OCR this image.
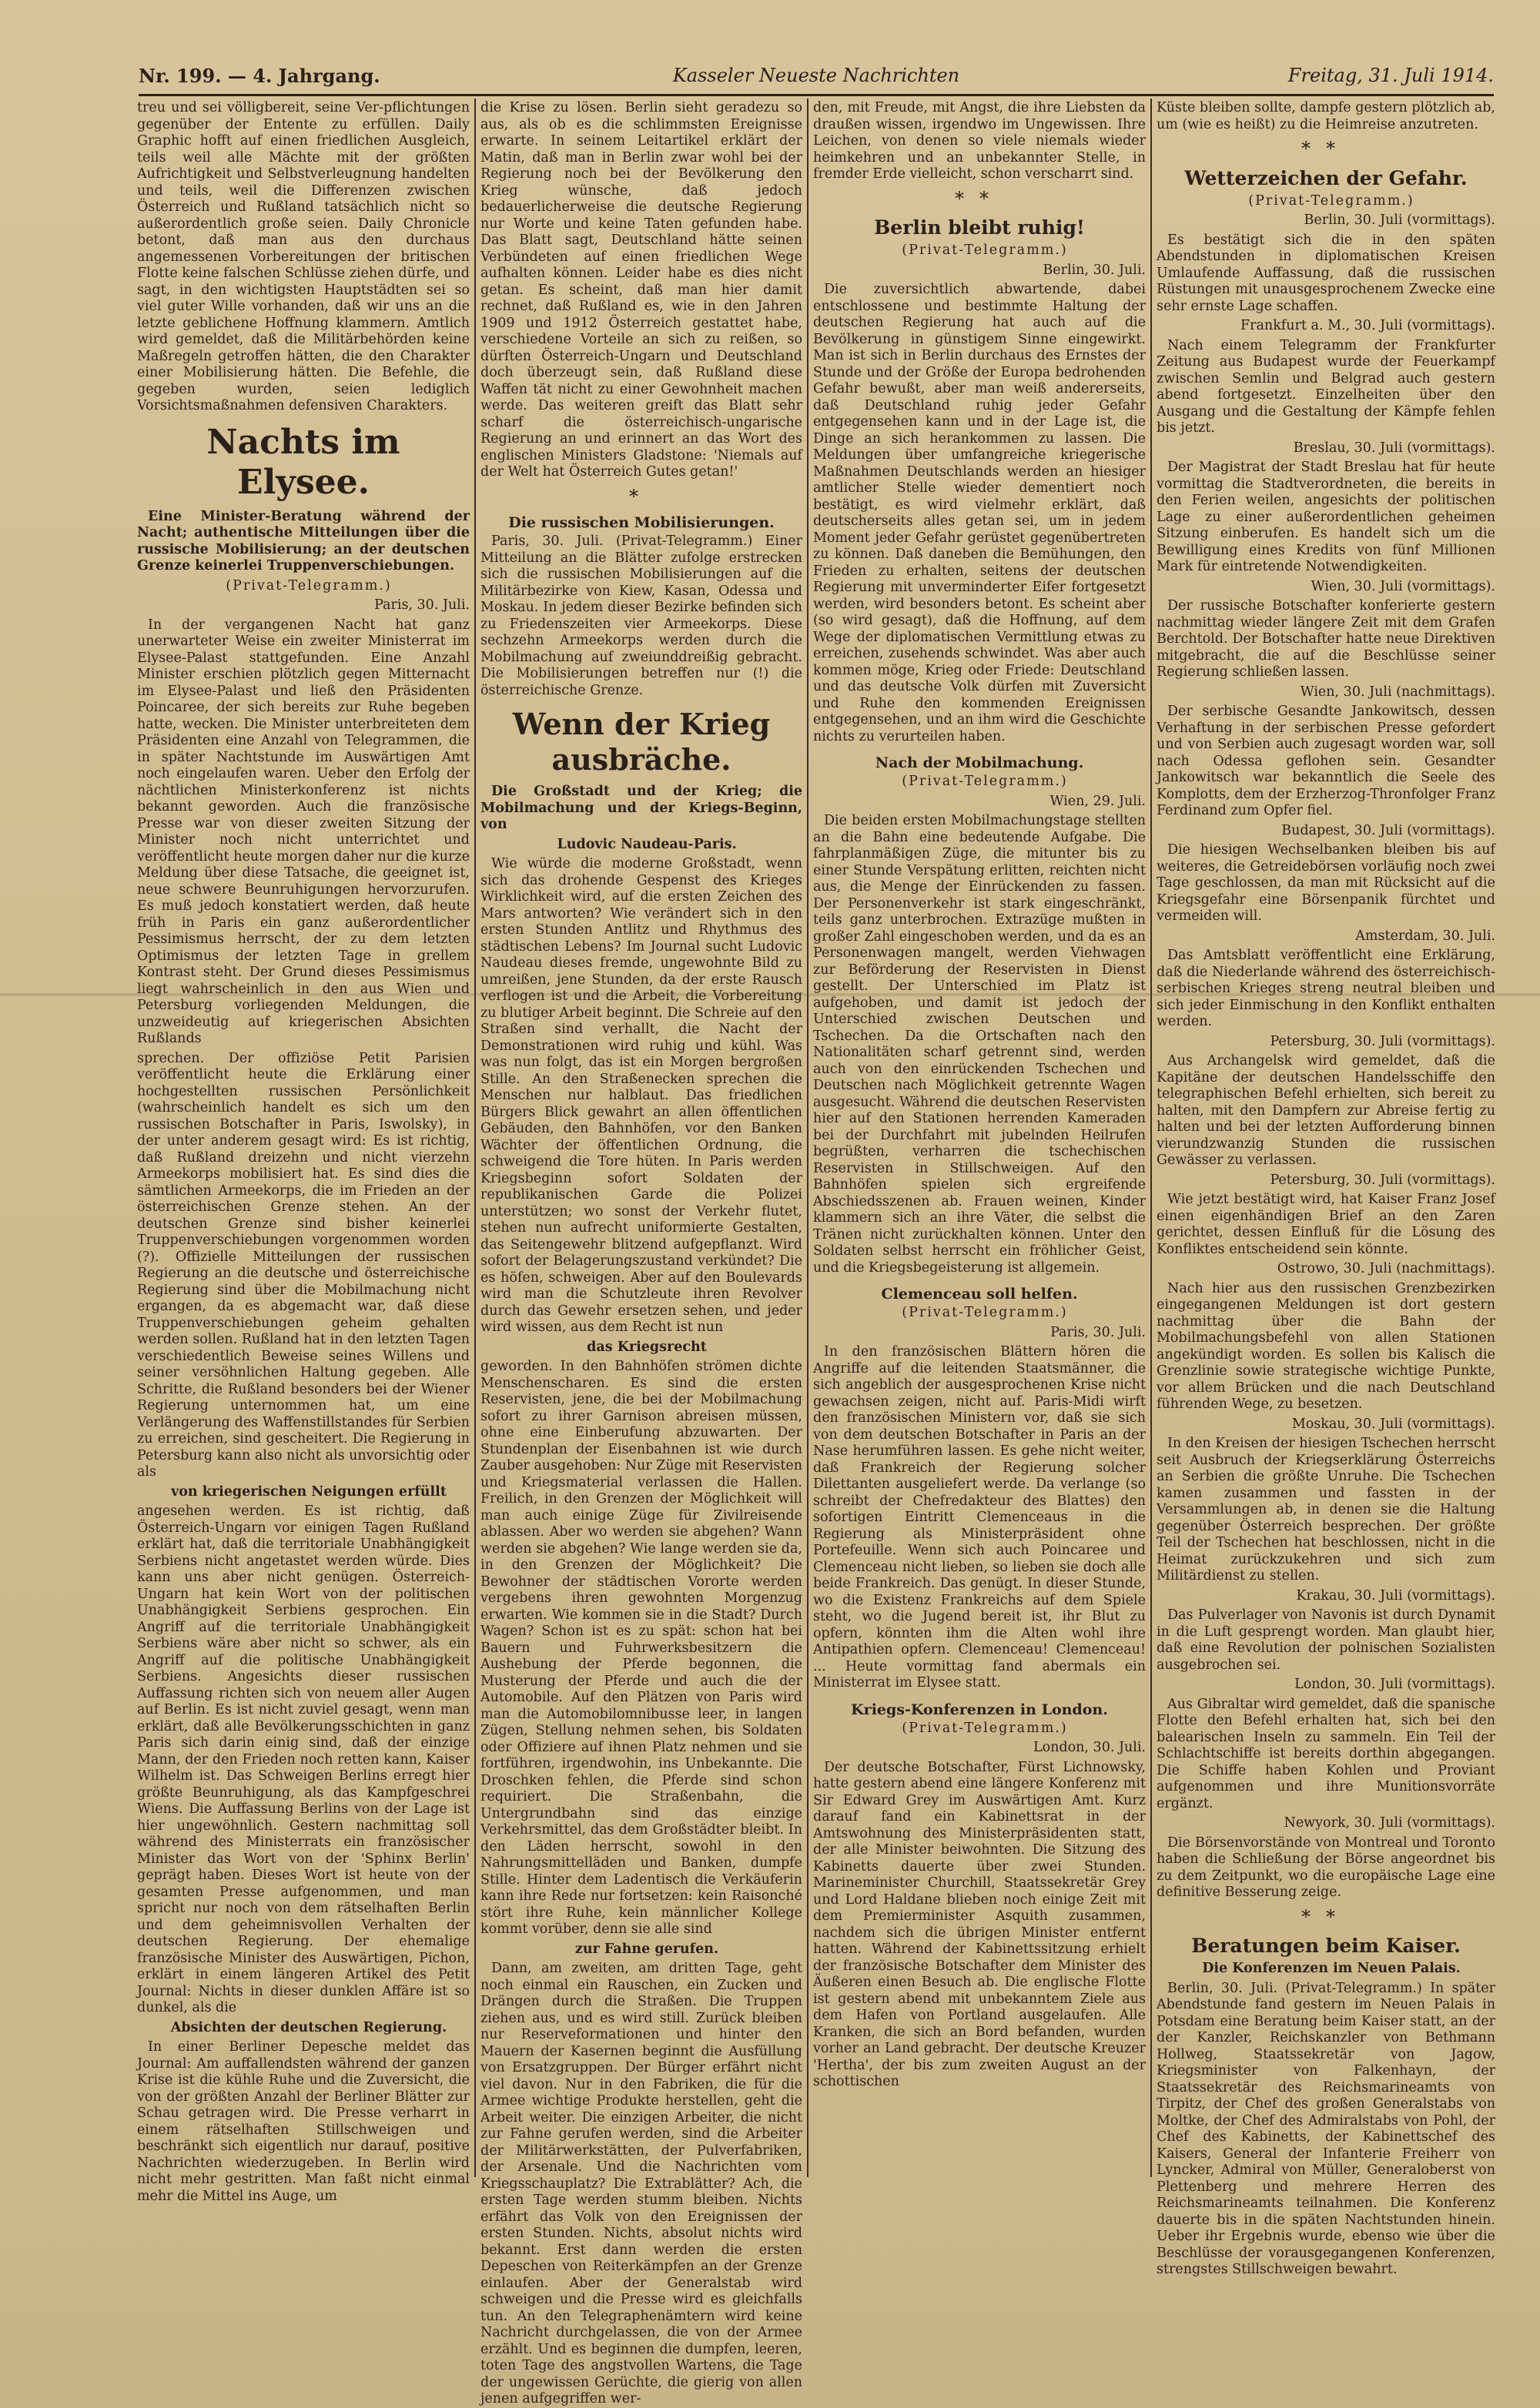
Nr. 199. — 4. Jahrgang.	Kasseler Neueste Nachrichten	Freitag, 31. Juli 1914.

treu und sei völligbereit, seine Ver-pflichtungen gegenüber der Entente zu erfüllen. Daily Graphic hofft auf einen friedlichen Ausgleich, teils weil alle Mächte mit der größten Aufrichtigkeit und Selbstverleugnung handelten und teils, weil die Differenzen zwischen Österreich und Rußland tatsächlich nicht so außerordentlich große seien. Daily Chronicle betont, daß man aus den durchaus angemessenen Vorbereitungen der britischen Flotte keine falschen Schlüsse ziehen dürfe, und sagt, in den wichtigsten Hauptstädten sei so viel guter Wille vorhanden, daß wir uns an die letzte geblichene Hoffnung klammern. Amtlich wird gemeldet, daß die Militärbehörden keine Maßregeln getroffen hätten, die den Charakter einer Mobilisierung hätten. Die Befehle, die gegeben wurden, seien lediglich Vorsichtsmaßnahmen defensiven Charakters.

Nachts im Elysee.

Eine Minister-Beratung während der Nacht; authentische Mitteilungen über die russische Mobilisierung; an der deutschen Grenze keinerlei Truppenverschiebungen.

(Privat-Telegramm.)

Paris, 30. Juli.

In der vergangenen Nacht hat ganz unerwarteter Weise ein zweiter Ministerrat im Elysee-Palast stattgefunden. Eine Anzahl Minister erschien plötzlich gegen Mitternacht im Elysee-Palast und ließ den Präsidenten Poincaree, der sich bereits zur Ruhe begeben hatte, wecken. Die Minister unterbreiteten dem Präsidenten eine Anzahl von Telegrammen, die in später Nachtstunde im Auswärtigen Amt noch eingelaufen waren. Ueber den Erfolg der nächtlichen Ministerkonferenz ist nichts bekannt geworden. Auch die französische Presse war von dieser zweiten Sitzung der Minister noch nicht unterrichtet und veröffentlicht heute morgen daher nur die kurze Meldung über diese Tatsache, die geeignet ist, neue schwere Beunruhigungen hervorzurufen. Es muß jedoch konstatiert werden, daß heute früh in Paris ein ganz außerordentlicher Pessimismus herrscht, der zu dem letzten Optimismus der letzten Tage in grellem Kontrast steht. Der Grund dieses Pessimismus liegt wahrscheinlich in den aus Wien und Petersburg vorliegenden Meldungen, die unzweideutig auf kriegerischen Absichten Rußlands

sprechen. Der offiziöse Petit Parisien veröffentlicht heute die Erklärung einer hochgestellten russischen Persönlichkeit (wahrscheinlich handelt es sich um den russischen Botschafter in Paris, Iswolsky), in der unter anderem gesagt wird: Es ist richtig, daß Rußland dreizehn und nicht vierzehn Armeekorps mobilisiert hat. Es sind dies die sämtlichen Armeekorps, die im Frieden an der österreichischen Grenze stehen. An der deutschen Grenze sind bisher keinerlei Truppenverschiebungen vorgenommen worden (?). Offizielle Mitteilungen der russischen Regierung an die deutsche und österreichische Regierung sind über die Mobilmachung nicht ergangen, da es abgemacht war, daß diese Truppenverschiebungen geheim gehalten werden sollen. Rußland hat in den letzten Tagen verschiedentlich Beweise seines Willens und seiner versöhnlichen Haltung gegeben. Alle Schritte, die Rußland besonders bei der Wiener Regierung unternommen hat, um eine Verlängerung des Waffenstillstandes für Serbien zu erreichen, sind gescheitert. Die Regierung in Petersburg kann also nicht als unvorsichtig oder als

von kriegerischen Neigungen erfüllt

angesehen werden. Es ist richtig, daß Österreich-Ungarn vor einigen Tagen Rußland erklärt hat, daß die territoriale Unabhängigkeit Serbiens nicht angetastet werden würde. Dies kann uns aber nicht genügen. Österreich-Ungarn hat kein Wort von der politischen Unabhängigkeit Serbiens gesprochen. Ein Angriff auf die territoriale Unabhängigkeit Serbiens wäre aber nicht so schwer, als ein Angriff auf die politische Unabhängigkeit Serbiens. Angesichts dieser russischen Auffassung richten sich von neuem aller Augen auf Berlin. Es ist nicht zuviel gesagt, wenn man erklärt, daß alle Bevölkerungsschichten in ganz Paris sich darin einig sind, daß der einzige Mann, der den Frieden noch retten kann, Kaiser Wilhelm ist. Das Schweigen Berlins erregt hier größte Beunruhigung, als das Kampfgeschrei Wiens. Die Auffassung Berlins von der Lage ist hier ungewöhnlich. Gestern nachmittag soll während des Ministerrats ein französischer Minister das Wort von der 'Sphinx Berlin' geprägt haben. Dieses Wort ist heute von der gesamten Presse aufgenommen, und man spricht nur noch von dem rätselhaften Berlin und dem geheimnisvollen Verhalten der deutschen Regierung. Der ehemalige französische Minister des Auswärtigen, Pichon, erklärt in einem längeren Artikel des Petit Journal: Nichts in dieser dunklen Affäre ist so dunkel, als die

Absichten der deutschen Regierung.

In einer Berliner Depesche meldet das Journal: Am auffallendsten während der ganzen Krise ist die kühle Ruhe und die Zuversicht, die von der größten Anzahl der Berliner Blätter zur Schau getragen wird. Die Presse verharrt in einem rätselhaften Stillschweigen und beschränkt sich eigentlich nur darauf, positive Nachrichten wiederzugeben. In Berlin wird nicht mehr gestritten. Man faßt nicht einmal mehr die Mittel ins Auge, um

die Krise zu lösen. Berlin sieht geradezu so aus, als ob es die schlimmsten Ereignisse erwarte. In seinem Leitartikel erklärt der Matin, daß man in Berlin zwar wohl bei der Regierung noch bei der Bevölkerung den Krieg wünsche, daß jedoch bedauerlicherweise die deutsche Regierung nur Worte und keine Taten gefunden habe. Das Blatt sagt, Deutschland hätte seinen Verbündeten auf einen friedlichen Wege aufhalten können. Leider habe es dies nicht getan. Es scheint, daß man hier damit rechnet, daß Rußland es, wie in den Jahren 1909 und 1912 Österreich gestattet habe, verschiedene Vorteile an sich zu reißen, so dürften Österreich-Ungarn und Deutschland doch überzeugt sein, daß Rußland diese Waffen tät nicht zu einer Gewohnheit machen werde. Das weiteren greift das Blatt sehr scharf die österreichisch-ungarische Regierung an und erinnert an das Wort des englischen Ministers Gladstone: 'Niemals auf der Welt hat Österreich Gutes getan!'

*
Die russischen Mobilisierungen.

Paris, 30. Juli. (Privat-Telegramm.) Einer Mitteilung an die Blätter zufolge erstrecken sich die russischen Mobilisierungen auf die Militärbezirke von Kiew, Kasan, Odessa und Moskau. In jedem dieser Bezirke befinden sich zu Friedenszeiten vier Armeekorps. Diese sechzehn Armeekorps werden durch die Mobilmachung auf zweiunddreißig gebracht. Die Mobilisierungen betreffen nur (!) die österreichische Grenze.

Wenn der Krieg ausbräche.

Die Großstadt und der Krieg; die Mobilmachung und der Kriegs-Beginn, von

Ludovic Naudeau-Paris.

Wie würde die moderne Großstadt, wenn sich das drohende Gespenst des Krieges Wirklichkeit wird, auf die ersten Zeichen des Mars antworten? Wie verändert sich in den ersten Stunden Antlitz und Rhythmus des städtischen Lebens? Im Journal sucht Ludovic Naudeau dieses fremde, ungewohnte Bild zu umreißen, jene Stunden, da der erste Rausch verflogen ist und die Arbeit, die Vorbereitung zu blutiger Arbeit beginnt. Die Schreie auf den Straßen sind verhallt, die Nacht der Demonstrationen wird ruhig und kühl. Was was nun folgt, das ist ein Morgen bergroßen Stille. An den Straßenecken sprechen die Menschen nur halblaut. Das friedlichen Bürgers Blick gewahrt an allen öffentlichen Gebäuden, den Bahnhöfen, vor den Banken Wächter der öffentlichen Ordnung, die schweigend die Tore hüten. In Paris werden Kriegsbeginn sofort Soldaten der republikanischen Garde die Polizei unterstützen; wo sonst der Verkehr flutet, stehen nun aufrecht uniformierte Gestalten, das Seitengewehr blitzend aufgepflanzt. Wird sofort der Belagerungszustand verkündet? Die es höfen, schweigen. Aber auf den Boulevards wird man die Schutzleute ihren Revolver durch das Gewehr ersetzen sehen, und jeder wird wissen, aus dem Recht ist nun

das Kriegsrecht

geworden. In den Bahnhöfen strömen dichte Menschenscharen. Es sind die ersten Reservisten, jene, die bei der Mobilmachung sofort zu ihrer Garnison abreisen müssen, ohne eine Einberufung abzuwarten. Der Stundenplan der Eisenbahnen ist wie durch Zauber ausgehoben: Nur Züge mit Reservisten und Kriegsmaterial verlassen die Hallen. Freilich, in den Grenzen der Möglichkeit will man auch einige Züge für Zivilreisende ablassen. Aber wo werden sie abgehen? Wann werden sie abgehen? Wie lange werden sie da, in den Grenzen der Möglichkeit? Die Bewohner der städtischen Vororte werden vergebens ihren gewohnten Morgenzug erwarten. Wie kommen sie in die Stadt? Durch Wagen? Schon ist es zu spät: schon hat bei Bauern und Fuhrwerksbesitzern die Aushebung der Pferde begonnen, die Musterung der Pferde und auch die der Automobile. Auf den Plätzen von Paris wird man die Automobilomnibusse leer, in langen Zügen, Stellung nehmen sehen, bis Soldaten oder Offiziere auf ihnen Platz nehmen und sie fortführen, irgendwohin, ins Unbekannte. Die Droschken fehlen, die Pferde sind schon requiriert. Die Straßenbahn, die Untergrundbahn sind das einzige Verkehrsmittel, das dem Großstädter bleibt. In den Läden herrscht, sowohl in den Nahrungsmittelläden und Banken, dumpfe Stille. Hinter dem Ladentisch die Verkäuferin kann ihre Rede nur fortsetzen: kein Raisonché stört ihre Ruhe, kein männlicher Kollege kommt vorüber, denn sie alle sind

zur Fahne gerufen.

Dann, am zweiten, am dritten Tage, geht noch einmal ein Rauschen, ein Zucken und Drängen durch die Straßen. Die Truppen ziehen aus, und es wird still. Zurück bleiben nur Reserveformationen und hinter den Mauern der Kasernen beginnt die Ausfüllung von Ersatzgruppen. Der Bürger erfährt nicht viel davon. Nur in den Fabriken, die für die Armee wichtige Produkte herstellen, geht die Arbeit weiter. Die einzigen Arbeiter, die nicht zur Fahne gerufen werden, sind die Arbeiter der Militärwerkstätten, der Pulverfabriken, der Arsenale. Und die Nachrichten vom Kriegsschauplatz? Die Extrablätter? Ach, die ersten Tage werden stumm bleiben. Nichts erfährt das Volk von den Ereignissen der ersten Stunden. Nichts, absolut nichts wird bekannt. Erst dann werden die ersten Depeschen von Reiterkämpfen an der Grenze einlaufen. Aber der Generalstab wird schweigen und die Presse wird es gleichfalls tun. An den Telegraphenämtern wird keine Nachricht durchgelassen, die von der Armee erzählt. Und es beginnen die dumpfen, leeren, toten Tage des angstvollen Wartens, die Tage der ungewissen Gerüchte, die gierig von allen jenen aufgegriffen wer-

den, mit Freude, mit Angst, die ihre Liebsten da draußen wissen, irgendwo im Ungewissen. Ihre Leichen, von denen so viele niemals wieder heimkehren und an unbekannter Stelle, in fremder Erde vielleicht, schon verscharrt sind.

**
Berlin bleibt ruhig!

(Privat-Telegramm.)

Berlin, 30. Juli.

Die zuversichtlich abwartende, dabei entschlossene und bestimmte Haltung der deutschen Regierung hat auch auf die Bevölkerung in günstigem Sinne eingewirkt. Man ist sich in Berlin durchaus des Ernstes der Stunde und der Größe der Europa bedrohenden Gefahr bewußt, aber man weiß andererseits, daß Deutschland ruhig jeder Gefahr entgegensehen kann und in der Lage ist, die Dinge an sich herankommen zu lassen. Die Meldungen über umfangreiche kriegerische Maßnahmen Deutschlands werden an hiesiger amtlicher Stelle wieder dementiert noch bestätigt, es wird vielmehr erklärt, daß deutscherseits alles getan sei, um in jedem Moment jeder Gefahr gerüstet gegenübertreten zu können. Daß daneben die Bemühungen, den Frieden zu erhalten, seitens der deutschen Regierung mit unverminderter Eifer fortgesetzt werden, wird besonders betont. Es scheint aber (so wird gesagt), daß die Hoffnung, auf dem Wege der diplomatischen Vermittlung etwas zu erreichen, zusehends schwindet. Was aber auch kommen möge, Krieg oder Friede: Deutschland und das deutsche Volk dürfen mit Zuversicht und Ruhe den kommenden Ereignissen entgegensehen, und an ihm wird die Geschichte nichts zu verurteilen haben.

Nach der Mobilmachung.

(Privat-Telegramm.)

Wien, 29. Juli.

Die beiden ersten Mobilmachungstage stellten an die Bahn eine bedeutende Aufgabe. Die fahrplanmäßigen Züge, die mitunter bis zu einer Stunde Verspätung erlitten, reichten nicht aus, die Menge der Einrückenden zu fassen. Der Personenverkehr ist stark eingeschränkt, teils ganz unterbrochen. Extrazüge mußten in großer Zahl eingeschoben werden, und da es an Personenwagen mangelt, werden Viehwagen zur Beförderung der Reservisten in Dienst gestellt. Der Unterschied im Platz ist aufgehoben, und damit ist jedoch der Unterschied zwischen Deutschen und Tschechen. Da die Ortschaften nach den Nationalitäten scharf getrennt sind, werden auch von den einrückenden Tschechen und Deutschen nach Möglichkeit getrennte Wagen ausgesucht. Während die deutschen Reservisten hier auf den Stationen herrenden Kameraden bei der Durchfahrt mit jubelnden Heilrufen begrüßten, verharren die tschechischen Reservisten in Stillschweigen. Auf den Bahnhöfen spielen sich ergreifende Abschiedsszenen ab. Frauen weinen, Kinder klammern sich an ihre Väter, die selbst die Tränen nicht zurückhalten können. Unter den Soldaten selbst herrscht ein fröhlicher Geist, und die Kriegsbegeisterung ist allgemein.

Clemenceau soll helfen.

(Privat-Telegramm.)

Paris, 30. Juli.

In den französischen Blättern hören die Angriffe auf die leitenden Staatsmänner, die sich angeblich der ausgesprochenen Krise nicht gewachsen zeigen, nicht auf. Paris-Midi wirft den französischen Ministern vor, daß sie sich von dem deutschen Botschafter in Paris an der Nase herumführen lassen. Es gehe nicht weiter, daß Frankreich der Regierung solcher Dilettanten ausgeliefert werde. Da verlange (so schreibt der Chefredakteur des Blattes) den sofortigen Eintritt Clemenceaus in die Regierung als Ministerpräsident ohne Portefeuille. Wenn sich auch Poincaree und Clemenceau nicht lieben, so lieben sie doch alle beide Frankreich. Das genügt. In dieser Stunde, wo die Existenz Frankreichs auf dem Spiele steht, wo die Jugend bereit ist, ihr Blut zu opfern, könnten ihm die Alten wohl ihre Antipathien opfern. Clemenceau! Clemenceau! ... Heute vormittag fand abermals ein Ministerrat im Elysee statt.

Kriegs-Konferenzen in London.

(Privat-Telegramm.)

London, 30. Juli.

Der deutsche Botschafter, Fürst Lichnowsky, hatte gestern abend eine längere Konferenz mit Sir Edward Grey im Auswärtigen Amt. Kurz darauf fand ein Kabinettsrat in der Amtswohnung des Ministerpräsidenten statt, der alle Minister beiwohnten. Die Sitzung des Kabinetts dauerte über zwei Stunden. Marineminister Churchill, Staatssekretär Grey und Lord Haldane blieben noch einige Zeit mit dem Premierminister Asquith zusammen, nachdem sich die übrigen Minister entfernt hatten. Während der Kabinettssitzung erhielt der französische Botschafter dem Minister des Äußeren einen Besuch ab. Die englische Flotte ist gestern abend mit unbekanntem Ziele aus dem Hafen von Portland ausgelaufen. Alle Kranken, die sich an Bord befanden, wurden vorher an Land gebracht. Der deutsche Kreuzer 'Hertha', der bis zum zweiten August an der schottischen

Küste bleiben sollte, dampfe gestern plötzlich ab, um (wie es heißt) zu die Heimreise anzutreten.

**
Wetterzeichen der Gefahr.

(Privat-Telegramm.)

Berlin, 30. Juli (vormittags).

Es bestätigt sich die in den späten Abendstunden in diplomatischen Kreisen Umlaufende Auffassung, daß die russischen Rüstungen mit unausgesprochenem Zwecke eine sehr ernste Lage schaffen.

Frankfurt a. M., 30. Juli (vormittags).

Nach einem Telegramm der Frankfurter Zeitung aus Budapest wurde der Feuerkampf zwischen Semlin und Belgrad auch gestern abend fortgesetzt. Einzelheiten über den Ausgang und die Gestaltung der Kämpfe fehlen bis jetzt.

Breslau, 30. Juli (vormittags).

Der Magistrat der Stadt Breslau hat für heute vormittag die Stadtverordneten, die bereits in den Ferien weilen, angesichts der politischen Lage zu einer außerordentlichen geheimen Sitzung einberufen. Es handelt sich um die Bewilligung eines Kredits von fünf Millionen Mark für eintretende Notwendigkeiten.

Wien, 30. Juli (vormittags).

Der russische Botschafter konferierte gestern nachmittag wieder längere Zeit mit dem Grafen Berchtold. Der Botschafter hatte neue Direktiven mitgebracht, die auf die Beschlüsse seiner Regierung schließen lassen.

Wien, 30. Juli (nachmittags).

Der serbische Gesandte Jankowitsch, dessen Verhaftung in der serbischen Presse gefordert und von Serbien auch zugesagt worden war, soll nach Odessa geflohen sein. Gesandter Jankowitsch war bekanntlich die Seele des Komplotts, dem der Erzherzog-Thronfolger Franz Ferdinand zum Opfer fiel.

Budapest, 30. Juli (vormittags).

Die hiesigen Wechselbanken bleiben bis auf weiteres, die Getreidebörsen vorläufig noch zwei Tage geschlossen, da man mit Rücksicht auf die Kriegsgefahr eine Börsenpanik fürchtet und vermeiden will.

Amsterdam, 30. Juli.

Das Amtsblatt veröffentlicht eine Erklärung, daß die Niederlande während des österreichisch-serbischen Krieges streng neutral bleiben und sich jeder Einmischung in den Konflikt enthalten werden.

Petersburg, 30. Juli (vormittags).

Aus Archangelsk wird gemeldet, daß die Kapitäne der deutschen Handelsschiffe den telegraphischen Befehl erhielten, sich bereit zu halten, mit den Dampfern zur Abreise fertig zu halten und bei der letzten Aufforderung binnen vierundzwanzig Stunden die russischen Gewässer zu verlassen.

Petersburg, 30. Juli (vormittags).

Wie jetzt bestätigt wird, hat Kaiser Franz Josef einen eigenhändigen Brief an den Zaren gerichtet, dessen Einfluß für die Lösung des Konfliktes entscheidend sein könnte.

Ostrowo, 30. Juli (nachmittags).

Nach hier aus den russischen Grenzbezirken eingegangenen Meldungen ist dort gestern nachmittag über die Bahn der Mobilmachungsbefehl von allen Stationen angekündigt worden. Es sollen bis Kalisch die Grenzlinie sowie strategische wichtige Punkte, vor allem Brücken und die nach Deutschland führenden Wege, zu besetzen.

Moskau, 30. Juli (vormittags).

In den Kreisen der hiesigen Tschechen herrscht seit Ausbruch der Kriegserklärung Österreichs an Serbien die größte Unruhe. Die Tschechen kamen zusammen und fassten in der Versammlungen ab, in denen sie die Haltung gegenüber Österreich besprechen. Der größte Teil der Tschechen hat beschlossen, nicht in die Heimat zurückzukehren und sich zum Militärdienst zu stellen.

Krakau, 30. Juli (vormittags).

Das Pulverlager von Navonis ist durch Dynamit in die Luft gesprengt worden. Man glaubt hier, daß eine Revolution der polnischen Sozialisten ausgebrochen sei.

London, 30. Juli (vormittags).

Aus Gibraltar wird gemeldet, daß die spanische Flotte den Befehl erhalten hat, sich bei den balearischen Inseln zu sammeln. Ein Teil der Schlachtschiffe ist bereits dorthin abgegangen. Die Schiffe haben Kohlen und Proviant aufgenommen und ihre Munitionsvorräte ergänzt.

Newyork, 30. Juli (vormittags).

Die Börsenvorstände von Montreal und Toronto haben die Schließung der Börse angeordnet bis zu dem Zeitpunkt, wo die europäische Lage eine definitive Besserung zeige.

**
Beratungen beim Kaiser.

Die Konferenzen im Neuen Palais.

Berlin, 30. Juli. (Privat-Telegramm.) In später Abendstunde fand gestern im Neuen Palais in Potsdam eine Beratung beim Kaiser statt, an der der Kanzler, Reichskanzler von Bethmann Hollweg, Staatssekretär von Jagow, Kriegsminister von Falkenhayn, der Staatssekretär des Reichsmarineamts von Tirpitz, der Chef des großen Generalstabs von Moltke, der Chef des Admiralstabs von Pohl, der Chef des Kabinetts, der Kabinettschef des Kaisers, General der Infanterie Freiherr von Lyncker, Admiral von Müller, Generaloberst von Plettenberg und mehrere Herren des Reichsmarineamts teilnahmen. Die Konferenz dauerte bis in die späten Nachtstunden hinein. Ueber ihr Ergebnis wurde, ebenso wie über die Beschlüsse der vorausgegangenen Konferenzen, strengstes Stillschweigen bewahrt.
